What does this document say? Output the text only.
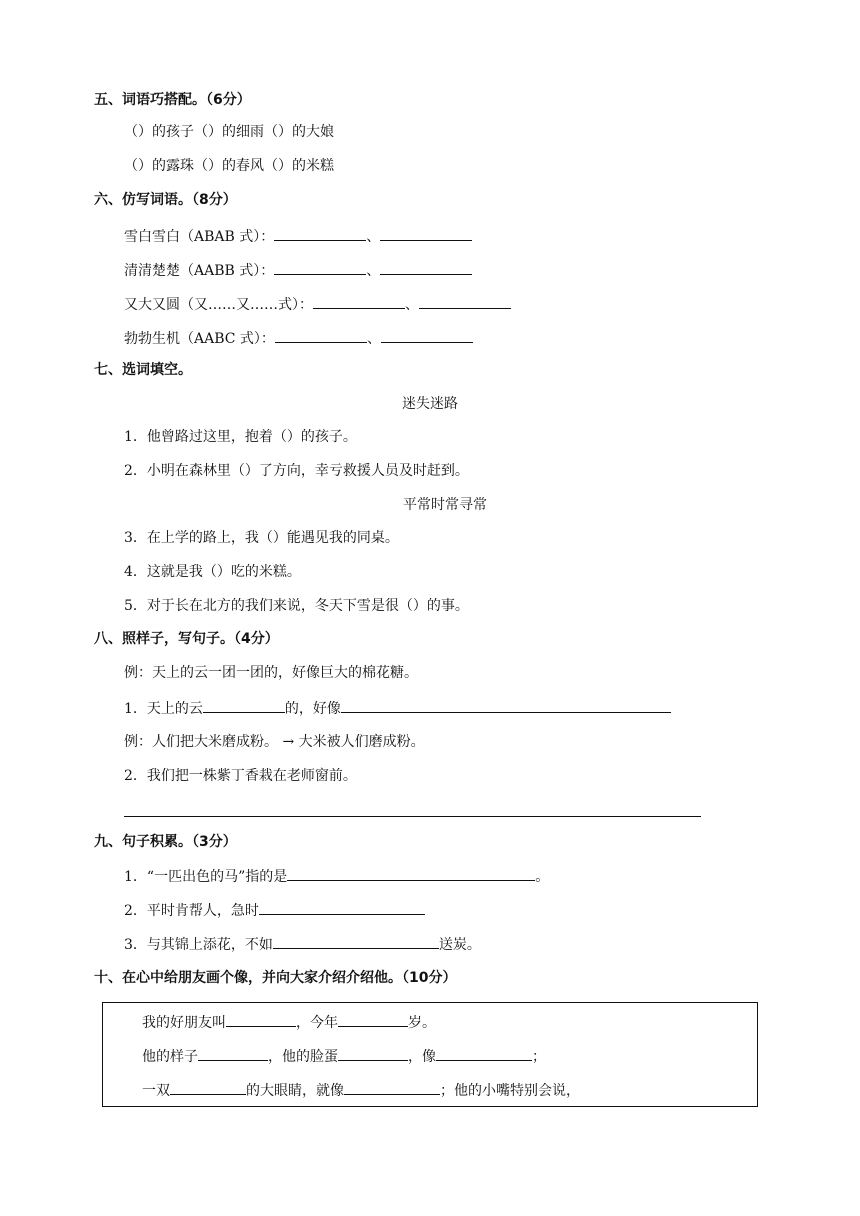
五、词语巧搭配。（6分）
（）的孩子（）的细雨（）的大娘
（）的露珠（）的春风（）的米糕
六、仿写词语。（8分）
雪白雪白（ABAB 式）：	、
清清楚楚（AABB 式）：	、
又大又圆（又……又……式）：	、
勃勃生机（AABC 式）：	、
七、选词填空。
迷失迷路
1．他曾路过这里，抱着（）的孩子。
2．小明在森林里（）了方向，幸亏救援人员及时赶到。
平常时常寻常
3．在上学的路上，我（）能遇见我的同桌。
4．这就是我（）吃的米糕。
5．对于长在北方的我们来说，冬天下雪是很（）的事。
八、照样子，写句子。（4分）
例：天上的云一团一团的，好像巨大的棉花糖。
1．天上的云	的，好像
例：人们把大米磨成粉。 → 大米被人们磨成粉。
2．我们把一株紫丁香栽在老师窗前。
九、句子积累。（3分）
1．“一匹出色的马”指的是	。
2．平时肯帮人，急时
3．与其锦上添花，不如	送炭。
十、在心中给朋友画个像，并向大家介绍介绍他。（10分）
我的好朋友叫	，今年	岁。
他的样子	，他的脸蛋	，像	；
一双	的大眼睛，就像	；他的小嘴特别会说，
